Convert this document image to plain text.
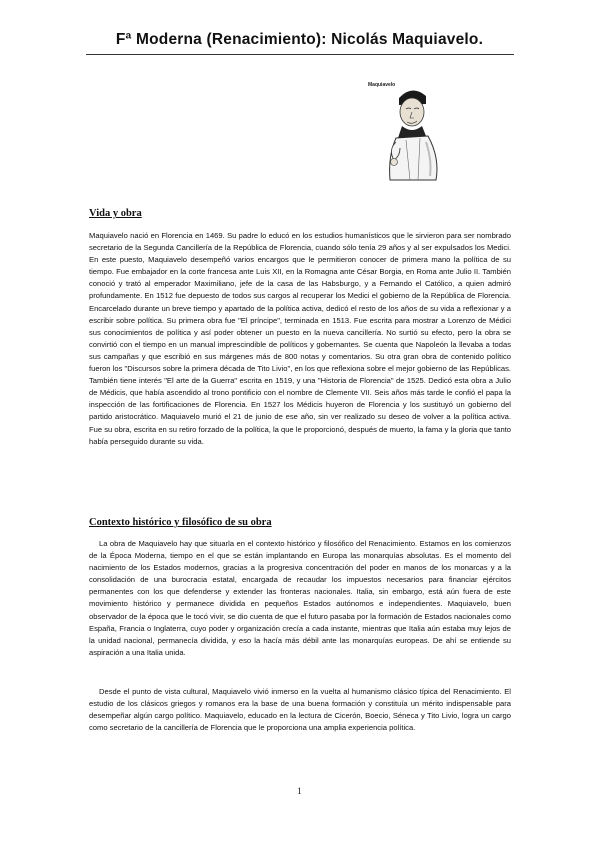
Fª Moderna (Renacimiento): Nicolás Maquiavelo.
Maquiavelo
Vida y obra
Maquiavelo nació en Florencia en 1469. Su padre lo educó en los estudios humanísticos que le sirvieron para ser nombrado secretario de la Segunda Cancillería de la República de Florencia, cuando sólo tenía 29 años y al ser expulsados los Medici. En este puesto, Maquiavelo desempeñó varios encargos que le permitieron conocer de primera mano la política de su tiempo. Fue embajador en la corte francesa ante Luis XII, en la Romagna ante César Borgia, en Roma ante Julio II. También conoció y trató al emperador Maximiliano, jefe de la casa de las Habsburgo, y a Fernando el Católico, a quien admiró profundamente. En 1512 fue depuesto de todos sus cargos al recuperar los Medici el gobierno de la República de Florencia. Encarcelado durante un breve tiempo y apartado de la política activa, dedicó el resto de los años de su vida a reflexionar y a escribir sobre política. Su primera obra fue "El príncipe", terminada en 1513. Fue escrita para mostrar a Lorenzo de Médici sus conocimientos de política y así poder obtener un puesto en la nueva cancillería. No surtió su efecto, pero la obra se convirtió con el tiempo en un manual imprescindible de políticos y gobernantes. Se cuenta que Napoleón la llevaba a todas sus campañas y que escribió en sus márgenes más de 800 notas y comentarios. Su otra gran obra de contenido político fueron los "Discursos sobre la primera década de Tito Livio", en los que reflexiona sobre el mejor gobierno de las Repúblicas. También tiene interés "El arte de la Guerra" escrita en 1519, y una "Historia de Florencia" de 1525. Dedicó esta obra a Julio de Médicis, que había ascendido al trono pontificio con el nombre de Clemente VII. Seis años más tarde le confió el papa la inspección de las fortificaciones de Florencia. En 1527 los Médicis huyeron de Florencia y los sustituyó un gobierno del partido aristocrático. Maquiavelo murió el 21 de junio de ese año, sin ver realizado su deseo de volver a la política activa. Fue su obra, escrita en su retiro forzado de la política, la que le proporcionó, después de muerto, la fama y la gloria que tanto había perseguido durante su vida.
Contexto histórico y filosófico de su obra
La obra de Maquiavelo hay que situarla en el contexto histórico y filosófico del Renacimiento. Estamos en los comienzos de la Época Moderna, tiempo en el que se están implantando en Europa las monarquías absolutas. Es el momento del nacimiento de los Estados modernos, gracias a la progresiva concentración del poder en manos de los monarcas y a la consolidación de una burocracia estatal, encargada de recaudar los impuestos necesarios para financiar ejércitos permanentes con los que defenderse y extender las fronteras nacionales. Italia, sin embargo, está aún fuera de este movimiento histórico y permanece dividida en pequeños Estados autónomos e independientes. Maquiavelo, buen observador de la época que le tocó vivir, se dio cuenta de que el futuro pasaba por la formación de Estados nacionales como España, Francia o Inglaterra, cuyo poder y organización crecía a cada instante, mientras que Italia aún estaba muy lejos de la unidad nacional, permanecía dividida, y eso la hacía más débil ante las monarquías europeas. De ahí se entiende su aspiración a una Italia unida.
Desde el punto de vista cultural, Maquiavelo vivió inmerso en la vuelta al humanismo clásico típica del Renacimiento. El estudio de los clásicos griegos y romanos era la base de una buena formación y constituía un mérito indispensable para desempeñar algún cargo político. Maquiavelo, educado en la lectura de Cicerón, Boecio, Séneca y Tito Livio, logra un cargo como secretario de la cancillería de Florencia que le proporciona una amplia experiencia política.
1
